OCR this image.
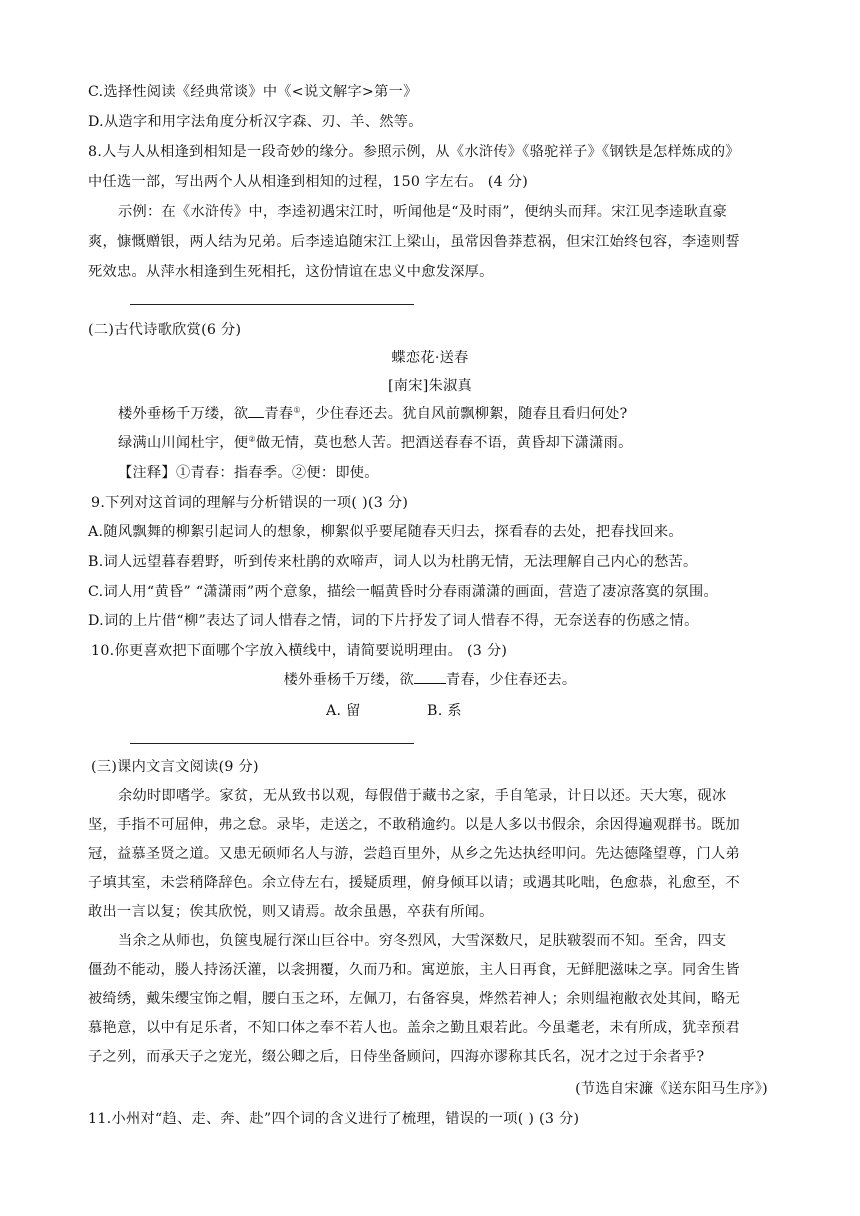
C.选择性阅读《经典常谈》中《<说文解字>第一》
D.从造字和用字法角度分析汉字森、刃、羊、然等。
8.人与人从相逢到相知是一段奇妙的缘分。参照示例，从《水浒传》《骆驼祥子》《钢铁是怎样炼成的》
中任选一部，写出两个人从相逢到相知的过程，150 字左右。 (4 分)
示例：在《水浒传》中，李逵初遇宋江时，听闻他是“及时雨”，便纳头而拜。宋江见李逵耿直豪
爽，慷慨赠银，两人结为兄弟。后李逵追随宋江上梁山，虽常因鲁莽惹祸，但宋江始终包容，李逵则誓
死效忠。从萍水相逢到生死相托，这份情谊在忠义中愈发深厚。
(二)古代诗歌欣赏(6 分)
蝶恋花·送春
[南宋]朱淑真
楼外垂杨千万缕，欲 青春①，少住春还去。犹自风前飘柳絮，随春且看归何处?
绿满山川闻杜宇，便②做无情，莫也愁人苦。把酒送春春不语，黄昏却下潇潇雨。
【注释】①青春：指春季。②便：即使。
9.下列对这首词的理解与分析错误的一项( )(3 分)
A.随风飘舞的柳絮引起词人的想象，柳絮似乎要尾随春天归去，探看春的去处，把春找回来。
B.词人远望暮春碧野，听到传来杜鹃的欢啼声，词人以为杜鹃无情，无法理解自己内心的愁苦。
C.词人用“黄昏” “潇潇雨”两个意象，描绘一幅黄昏时分春雨潇潇的画面，营造了凄凉落寞的氛围。
D.词的上片借“柳”表达了词人惜春之情，词的下片抒发了词人惜春不得，无奈送春的伤感之情。
10.你更喜欢把下面哪个字放入横线中，请简要说明理由。 (3 分)
楼外垂杨千万缕，欲 青春，少住春还去。
A. 留	B. 系
(三)课内文言文阅读(9 分)
余幼时即嗜学。家贫，无从致书以观，每假借于藏书之家，手自笔录，计日以还。天大寒，砚冰
坚，手指不可屈伸，弗之怠。录毕，走送之，不敢稍逾约。以是人多以书假余，余因得遍观群书。既加
冠，益慕圣贤之道。又患无硕师名人与游，尝趋百里外，从乡之先达执经叩问。先达德隆望尊，门人弟
子填其室，未尝稍降辞色。余立侍左右，援疑质理，俯身倾耳以请；或遇其叱咄，色愈恭，礼愈至，不
敢出一言以复；俟其欣悦，则又请焉。故余虽愚，卒获有所闻。
当余之从师也，负箧曳屣行深山巨谷中。穷冬烈风，大雪深数尺，足肤皲裂而不知。至舍，四支
僵劲不能动，媵人持汤沃灌，以衾拥覆，久而乃和。寓逆旅，主人日再食，无鲜肥滋味之享。同舍生皆
被绮绣，戴朱缨宝饰之帽，腰白玉之环，左佩刀，右备容臭，烨然若神人；余则缊袍敝衣处其间，略无
慕艳意，以中有足乐者，不知口体之奉不若人也。盖余之勤且艰若此。今虽耄老，未有所成，犹幸预君
子之列，而承天子之宠光，缀公卿之后，日侍坐备顾问，四海亦谬称其氏名，况才之过于余者乎?
(节选自宋濂《送东阳马生序》)
11.小州对“趋、走、奔、赴”四个词的含义进行了梳理，错误的一项( ) (3 分)
